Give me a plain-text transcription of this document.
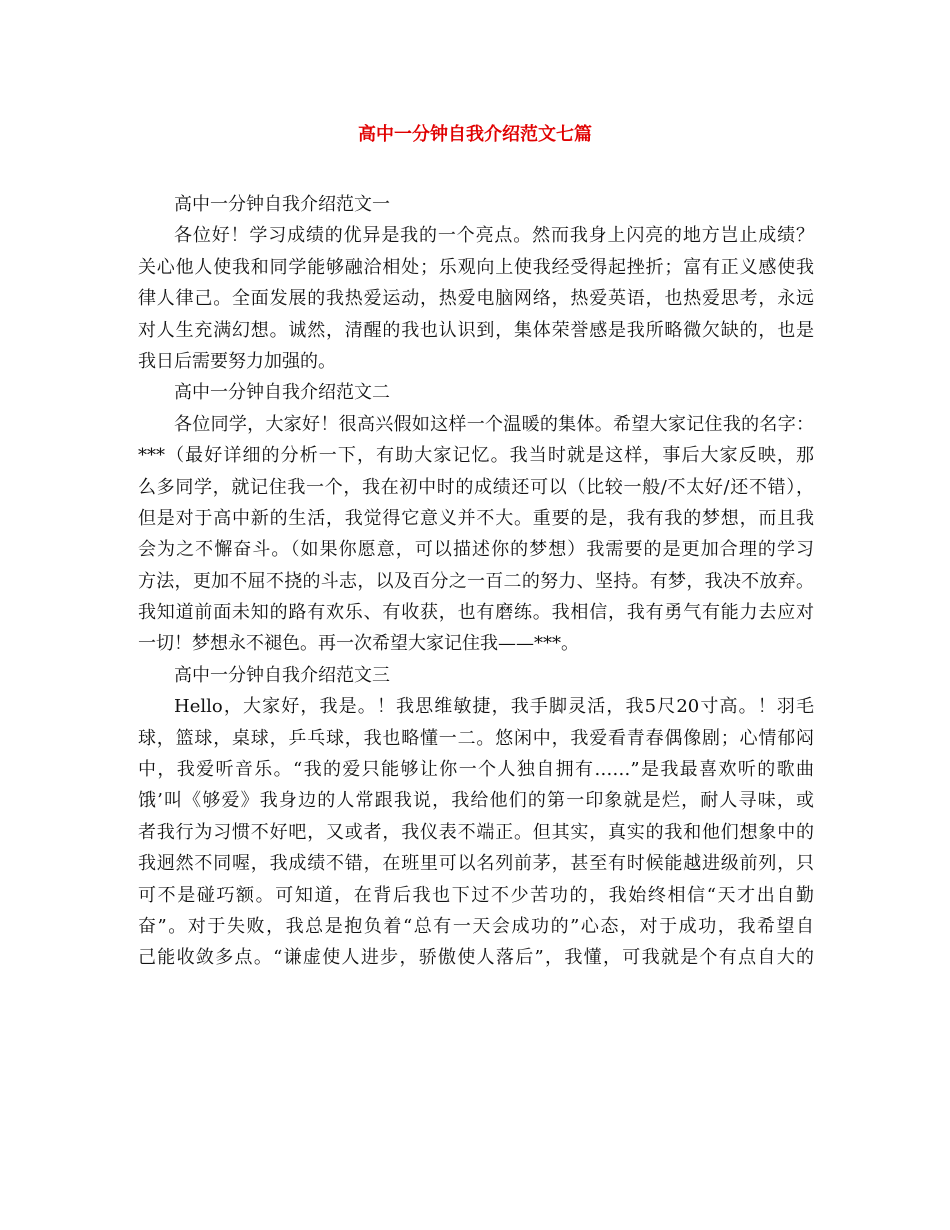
高中一分钟自我介绍范文七篇
高中一分钟自我介绍范文一
各位好！学习成绩的优异是我的一个亮点。然而我身上闪亮的地方岂止成绩？
关心他人使我和同学能够融洽相处；乐观向上使我经受得起挫折；富有正义感使我
律人律己。全面发展的我热爱运动，热爱电脑网络，热爱英语，也热爱思考，永远
对人生充满幻想。诚然，清醒的我也认识到，集体荣誉感是我所略微欠缺的，也是
我日后需要努力加强的。
高中一分钟自我介绍范文二
各位同学，大家好！很高兴假如这样一个温暖的集体。希望大家记住我的名字：
***（最好详细的分析一下，有助大家记忆。我当时就是这样，事后大家反映，那
么多同学，就记住我一个，我在初中时的成绩还可以（比较一般/不太好/还不错），
但是对于高中新的生活，我觉得它意义并不大。重要的是，我有我的梦想，而且我
会为之不懈奋斗。（如果你愿意，可以描述你的梦想）我需要的是更加合理的学习
方法，更加不屈不挠的斗志，以及百分之一百二的努力、坚持。有梦，我决不放弃。
我知道前面未知的路有欢乐、有收获，也有磨练。我相信，我有勇气有能力去应对
一切！梦想永不褪色。再一次希望大家记住我——***。
高中一分钟自我介绍范文三
Hello，大家好，我是。！我思维敏捷，我手脚灵活，我5尺20寸高。！羽毛
球，篮球，桌球，乒乓球，我也略懂一二。悠闲中，我爱看青春偶像剧；心情郁闷
中，我爱听音乐。“我的爱只能够让你一个人独自拥有……”是我最喜欢听的歌曲
饿’叫《够爱》我身边的人常跟我说，我给他们的第一印象就是烂，耐人寻味，或
者我行为习惯不好吧，又或者，我仪表不端正。但其实，真实的我和他们想象中的
我迥然不同喔，我成绩不错，在班里可以名列前茅，甚至有时候能越进级前列，只
可不是碰巧额。可知道，在背后我也下过不少苦功的，我始终相信“天才出自勤
奋”。对于失败，我总是抱负着“总有一天会成功的”心态，对于成功，我希望自
己能收敛多点。“谦虚使人进步，骄傲使人落后”，我懂，可我就是个有点自大的
